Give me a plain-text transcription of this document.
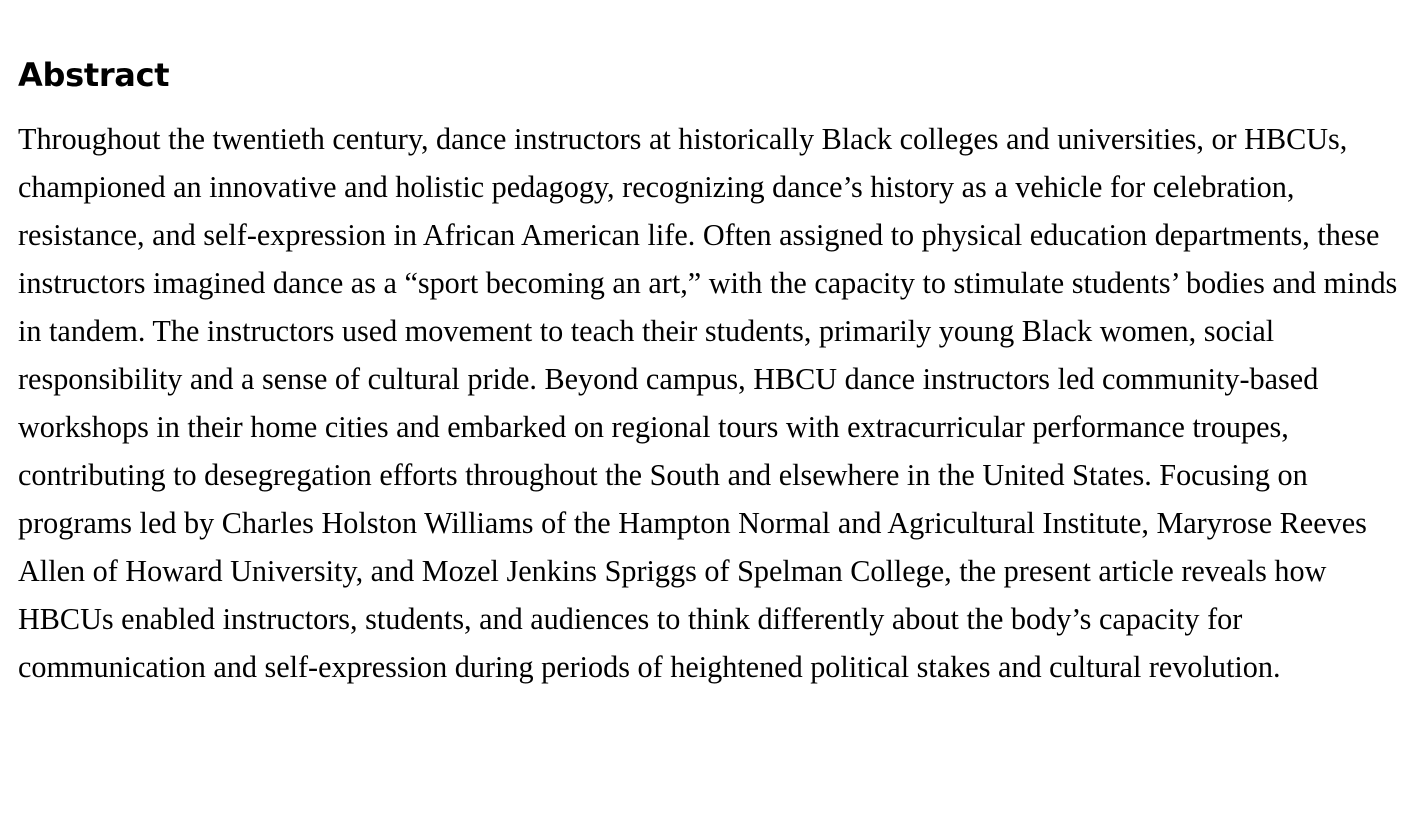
Abstract

Throughout the twentieth century, dance instructors at historically Black colleges and universities, or HBCUs, championed an innovative and holistic pedagogy, recognizing dance’s history as a vehicle for celebration, resistance, and self-expression in African American life. Often assigned to physical education departments, these instructors imagined dance as a “sport becoming an art,” with the capacity to stimulate students’ bodies and minds in tandem. The instructors used movement to teach their students, primarily young Black women, social responsibility and a sense of cultural pride. Beyond campus, HBCU dance instructors led community-based workshops in their home cities and embarked on regional tours with extracurricular performance troupes, contributing to desegregation efforts throughout the South and elsewhere in the United States. Focusing on programs led by Charles Holston Williams of the Hampton Normal and Agricultural Institute, Maryrose Reeves Allen of Howard University, and Mozel Jenkins Spriggs of Spelman College, the present article reveals how HBCUs enabled instructors, students, and audiences to think differently about the body’s capacity for communication and self-expression during periods of heightened political stakes and cultural revolution.
